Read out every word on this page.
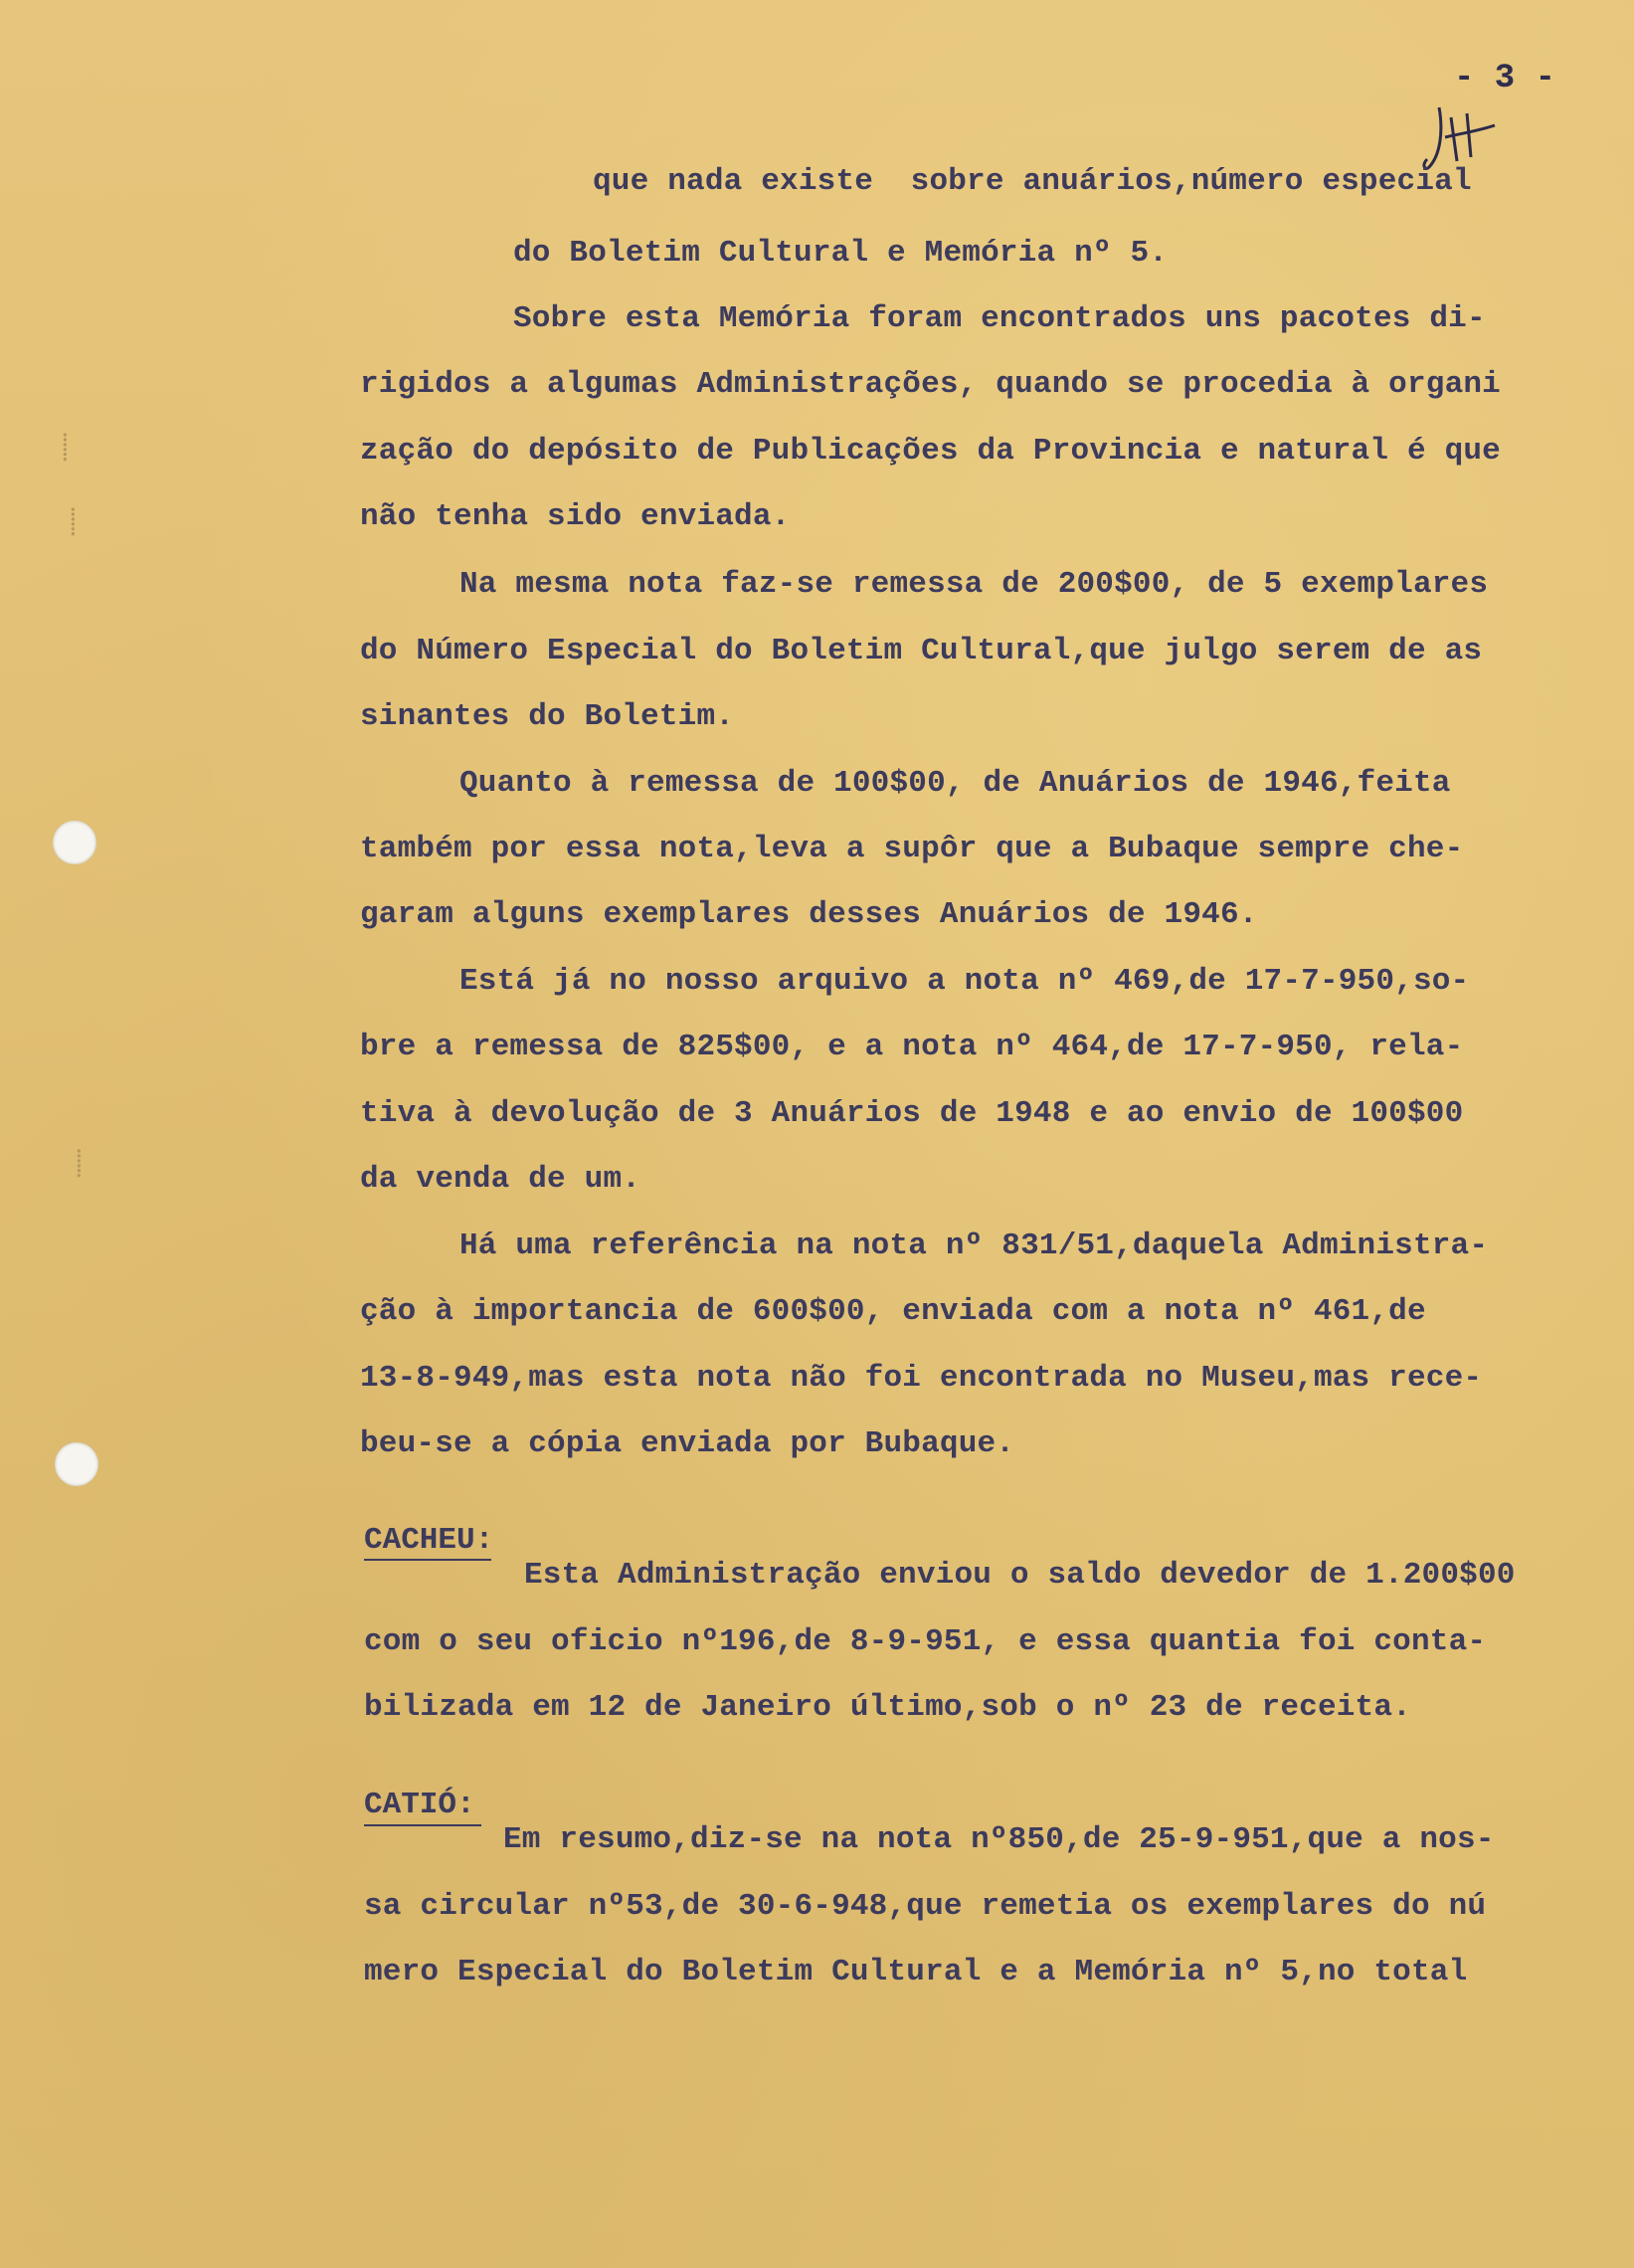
⸽
⸽
⸽
- 3 -
que nada existe  sobre anuários,número especial
do Boletim Cultural e Memória nº 5.
Sobre esta Memória foram encontrados uns pacotes di-
rigidos a algumas Administrações, quando se procedia à organi
zação do depósito de Publicações da Provincia e natural é que
não tenha sido enviada.
Na mesma nota faz-se remessa de 200$00, de 5 exemplares
do Número Especial do Boletim Cultural,que julgo serem de as
sinantes do Boletim.
Quanto à remessa de 100$00, de Anuários de 1946,feita
também por essa nota,leva a supôr que a Bubaque sempre che-
garam alguns exemplares desses Anuários de 1946.
Está já no nosso arquivo a nota nº 469,de 17-7-950,so-
bre a remessa de 825$00, e a nota nº 464,de 17-7-950, rela-
tiva à devolução de 3 Anuários de 1948 e ao envio de 100$00
da venda de um.
Há uma referência na nota nº 831/51,daquela Administra-
ção à importancia de 600$00, enviada com a nota nº 461,de
13-8-949,mas esta nota não foi encontrada no Museu,mas rece-
beu-se a cópia enviada por Bubaque.
CACHEU:
Esta Administração enviou o saldo devedor de 1.200$00
com o seu oficio nº196,de 8-9-951, e essa quantia foi conta-
bilizada em 12 de Janeiro último,sob o nº 23 de receita.
CATIÓ:
Em resumo,diz-se na nota nº850,de 25-9-951,que a nos-
sa circular nº53,de 30-6-948,que remetia os exemplares do nú
mero Especial do Boletim Cultural e a Memória nº 5,no total
